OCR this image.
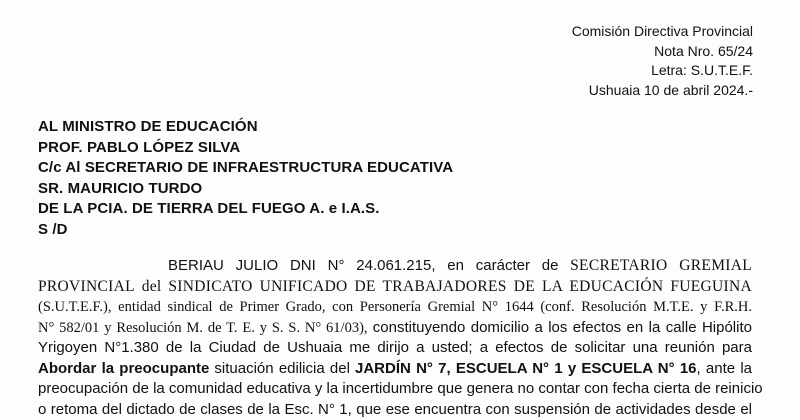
Comisión Directiva Provincial
Nota Nro. 65/24
Letra: S.U.T.E.F.
Ushuaia 10 de abril 2024.-
AL MINISTRO DE EDUCACIÓN
PROF. PABLO LÓPEZ SILVA
C/c Al SECRETARIO DE INFRAESTRUCTURA EDUCATIVA
SR. MAURICIO TURDO
DE LA PCIA. DE TIERRA DEL FUEGO A. e I.A.S.
S /D
BERIAU JULIO DNI N° 24.061.215, en carácter de SECRETARIO GREMIAL
PROVINCIAL del SINDICATO UNIFICADO DE TRABAJADORES DE LA EDUCACIÓN FUEGUINA
(S.U.T.E.F.), entidad sindical de Primer Grado, con Personería Gremial N° 1644 (conf. Resolución M.T.E. y F.R.H.
N° 582/01 y Resolución M. de T. E. y S. S. N° 61/03), constituyendo domicilio a los efectos en la calle Hipólito
Yrigoyen N°1.380 de la Ciudad de Ushuaia me dirijo a usted; a efectos de solicitar una reunión para
Abordar la preocupante situación edilicia del JARDÍN N° 7, ESCUELA N° 1 y ESCUELA N° 16, ante la
preocupación de la comunidad educativa y la incertidumbre que genera no contar con fecha cierta de reinicio
o retoma del dictado de clases de la Esc. N° 1, que ese encuentra con suspensión de actividades desde el
